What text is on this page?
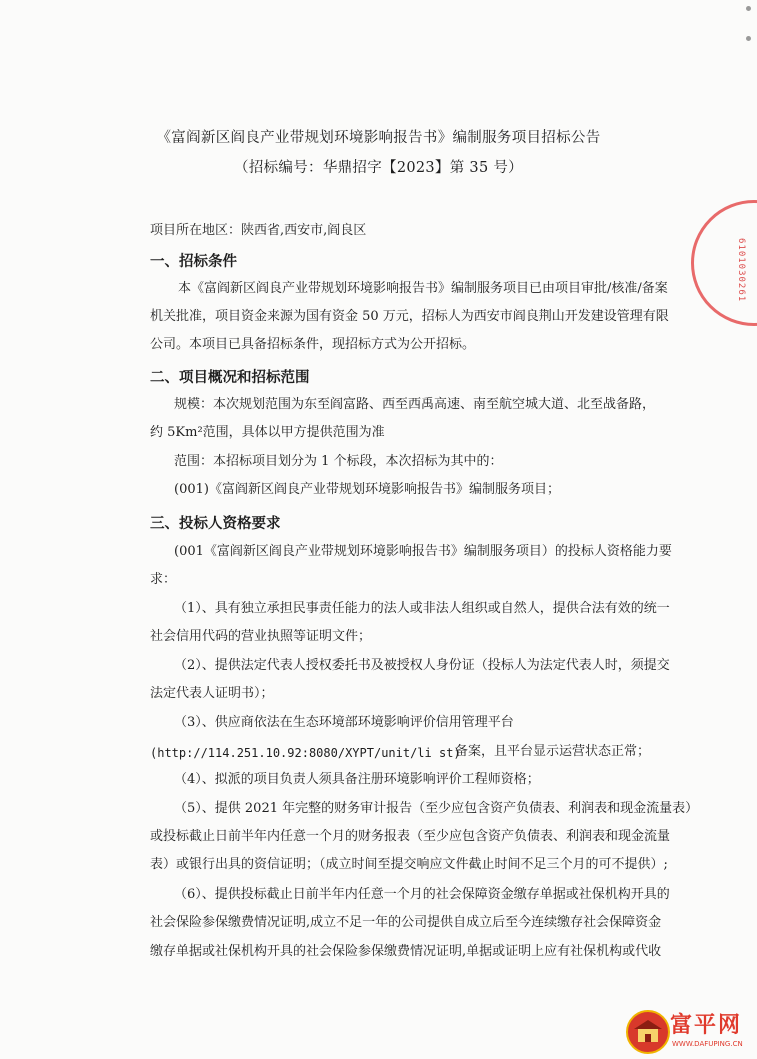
《富阎新区阎良产业带规划环境影响报告书》编制服务项目招标公告
（招标编号：华鼎招字【2023】第 35 号）
项目所在地区：陕西省,西安市,阎良区
一、招标条件
本《富阎新区阎良产业带规划环境影响报告书》编制服务项目已由项目审批/核准/备案
机关批准，项目资金来源为国有资金 50 万元，招标人为西安市阎良荆山开发建设管理有限
公司。本项目已具备招标条件，现招标方式为公开招标。
二、项目概况和招标范围
规模：本次规划范围为东至阎富路、西至西禹高速、南至航空城大道、北至战备路，
约 5Km²范围，具体以甲方提供范围为准
范围：本招标项目划分为 1 个标段，本次招标为其中的：
(001)《富阎新区阎良产业带规划环境影响报告书》编制服务项目；
三、投标人资格要求
(001《富阎新区阎良产业带规划环境影响报告书》编制服务项目）的投标人资格能力要
求：
（1）、具有独立承担民事责任能力的法人或非法人组织或自然人，提供合法有效的统一
社会信用代码的营业执照等证明文件；
（2）、提供法定代表人授权委托书及被授权人身份证（投标人为法定代表人时，须提交
法定代表人证明书）；
（3）、供应商依法在生态环境部环境影响评价信用管理平台
(http://114.251.10.92:8080/XYPT/unit/li st)
备案，且平台显示运营状态正常；
（4）、拟派的项目负责人须具备注册环境影响评价工程师资格；
（5）、提供 2021 年完整的财务审计报告（至少应包含资产负债表、利润表和现金流量表）
或投标截止日前半年内任意一个月的财务报表（至少应包含资产负债表、利润表和现金流量
表）或银行出具的资信证明；（成立时间至提交响应文件截止时间不足三个月的可不提供）;
（6）、提供投标截止日前半年内任意一个月的社会保障资金缴存单据或社保机构开具的
社会保险参保缴费情况证明,成立不足一年的公司提供自成立后至今连续缴存社会保障资金
缴存单据或社保机构开具的社会保险参保缴费情况证明,单据或证明上应有社保机构或代收
6101030261
富平网
WWW.DAFUPING.CN
